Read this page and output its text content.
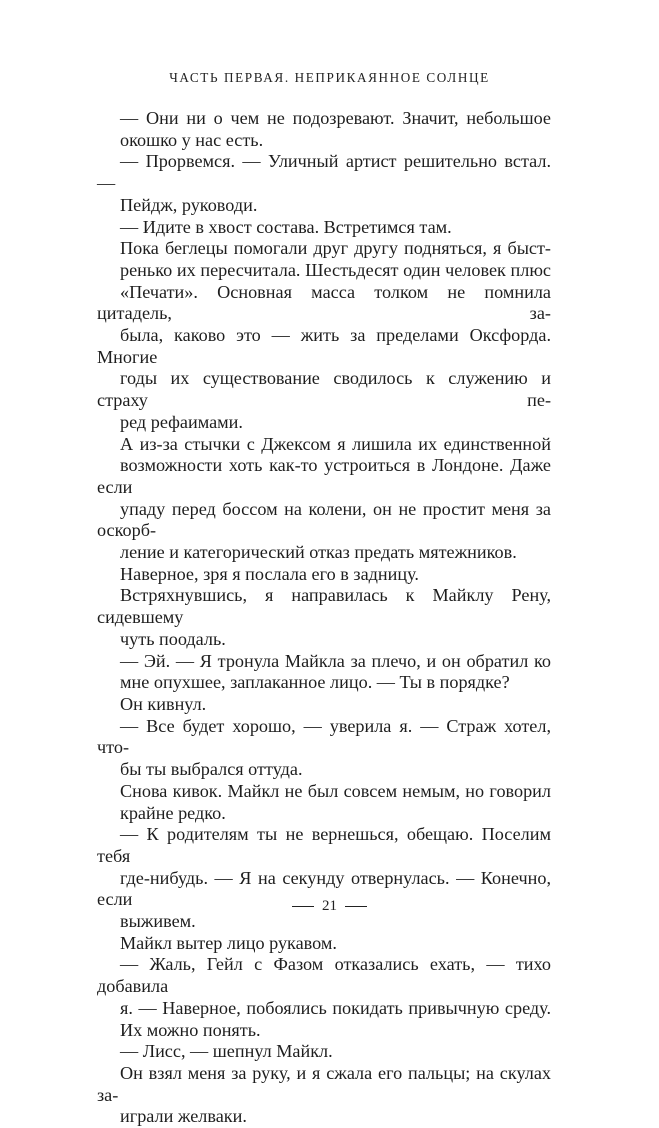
ЧАСТЬ ПЕРВАЯ. НЕПРИКАЯННОЕ СОЛНЦЕ

— Они ни о чем не подозревают. Значит, небольшое
окошко у нас есть.

— Прорвемся. — Уличный артист решительно встал. —
Пейдж, руководи.

— Идите в хвост состава. Встретимся там.

Пока беглецы помогали друг другу подняться, я быст-
ренько их пересчитала. Шестьдесят один человек плюс
«Печати». Основная масса толком не помнила цитадель, за-
была, каково это — жить за пределами Оксфорда. Многие
годы их существование сводилось к служению и страху пе-
ред рефаимами.

А из-за стычки с Джексом я лишила их единственной
возможности хоть как-то устроиться в Лондоне. Даже если
упаду перед боссом на колени, он не простит меня за оскорб-
ление и категорический отказ предать мятежников.

Наверное, зря я послала его в задницу.

Встряхнувшись, я направилась к Майклу Рену, сидевшему
чуть поодаль.

— Эй. — Я тронула Майкла за плечо, и он обратил ко
мне опухшее, заплаканное лицо. — Ты в порядке?

Он кивнул.

— Все будет хорошо, — уверила я. — Страж хотел, что-
бы ты выбрался оттуда.

Снова кивок. Майкл не был совсем немым, но говорил
крайне редко.

— К родителям ты не вернешься, обещаю. Поселим тебя
где-нибудь. — Я на секунду отвернулась. — Конечно, если
выживем.

Майкл вытер лицо рукавом.

— Жаль, Гейл с Фазом отказались ехать, — тихо добавила
я. — Наверное, побоялись покидать привычную среду.
Их можно понять.

— Лисс, — шепнул Майкл.

Он взял меня за руку, и я сжала его пальцы; на скулах за-
играли желваки.

21
